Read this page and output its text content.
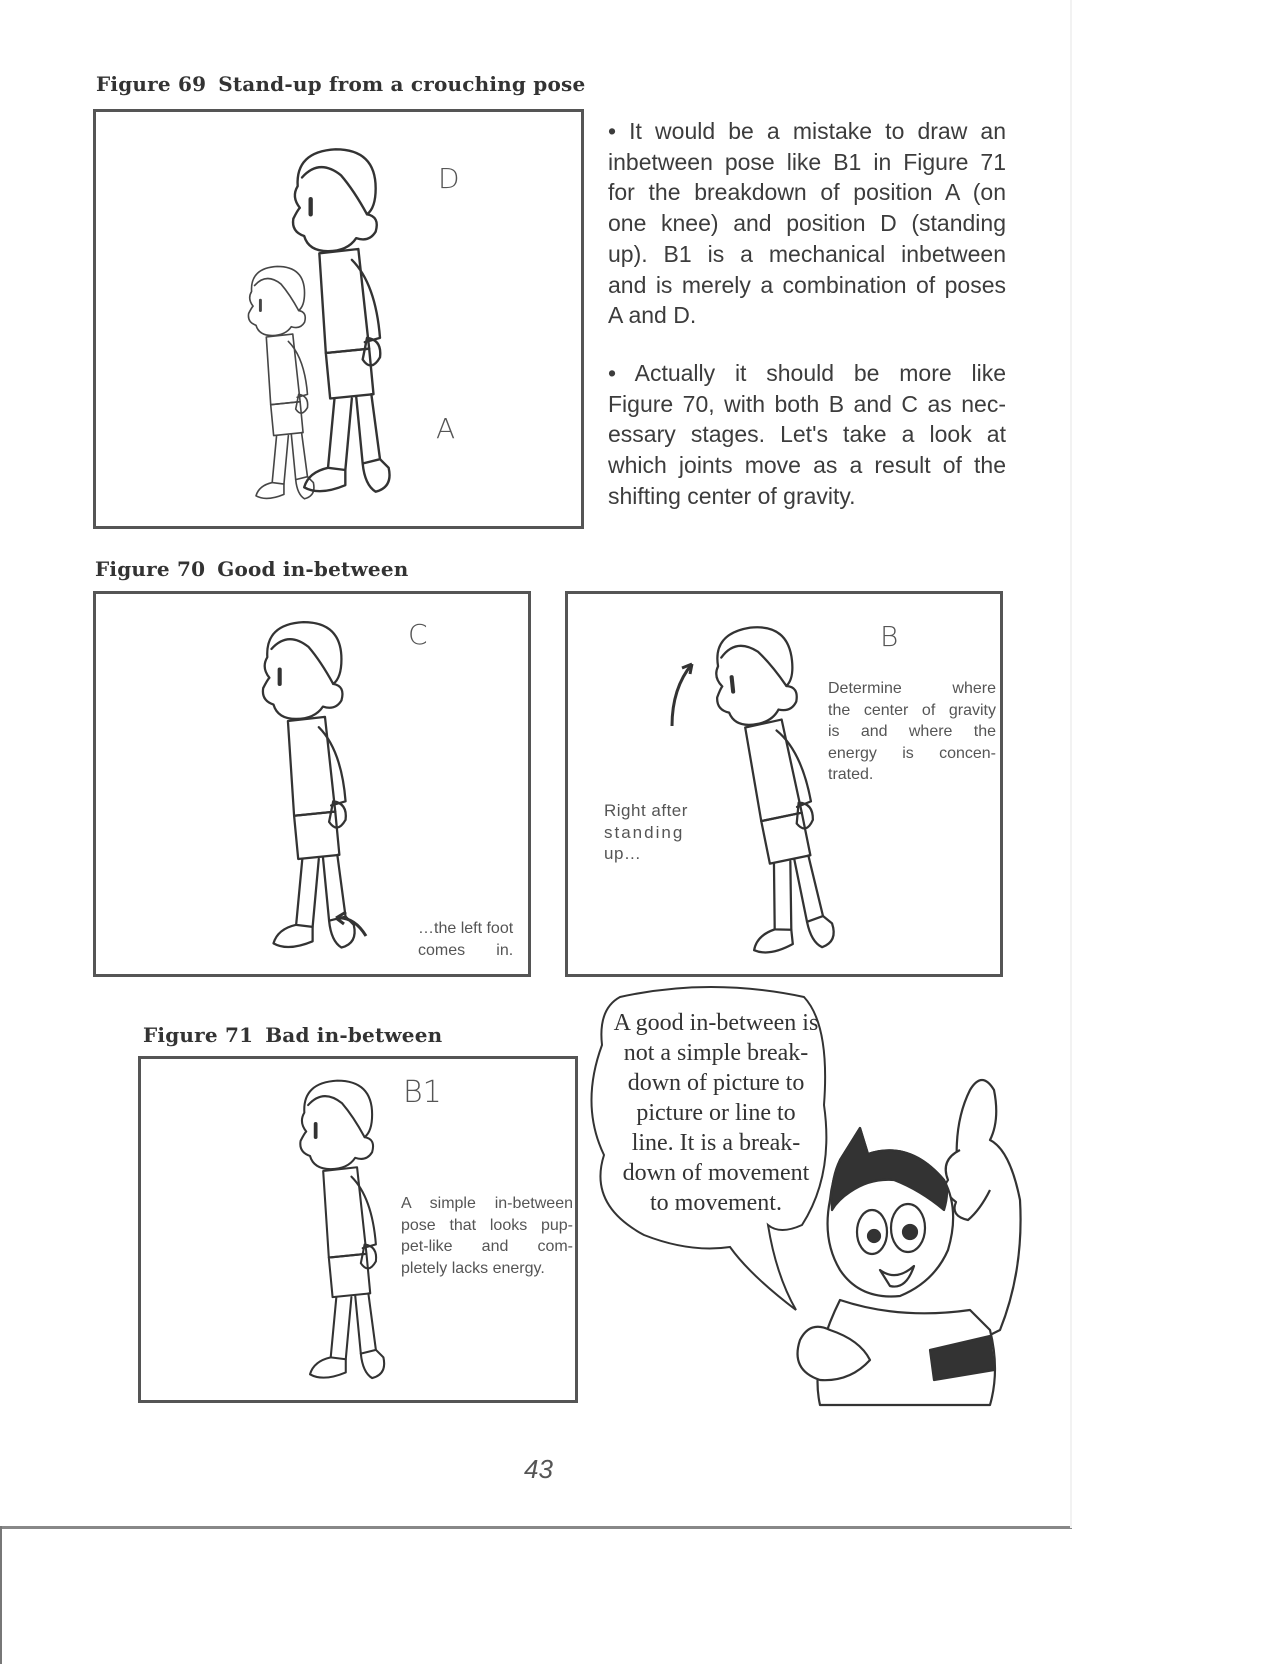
Figure 69 Stand-up from a crouching pose
D
A
• It would be a mistake to draw an
inbetween pose like B1 in Figure 71
for the breakdown of position A (on
one knee) and position D (standing
up). B1 is a mechanical inbetween
and is merely a combination of poses
A and D.
• Actually it should be more like
Figure 70, with both B and C as nec-
essary stages. Let's take a look at
which joints move as a result of the
shifting center of gravity.
Figure 70 Good in-between
C
…the left foot
comes in.
B
Determine where
the center of gravity
is and where the
energy is concen-
trated.
Right after
standing
up…
Figure 71 Bad in-between
B1
A simple in-between
pose that looks pup-
pet-like and com-
pletely lacks energy.
A good in-between is
not a simple break-
down of picture to
picture or line to
line. It is a break-
down of movement
to movement.
43
